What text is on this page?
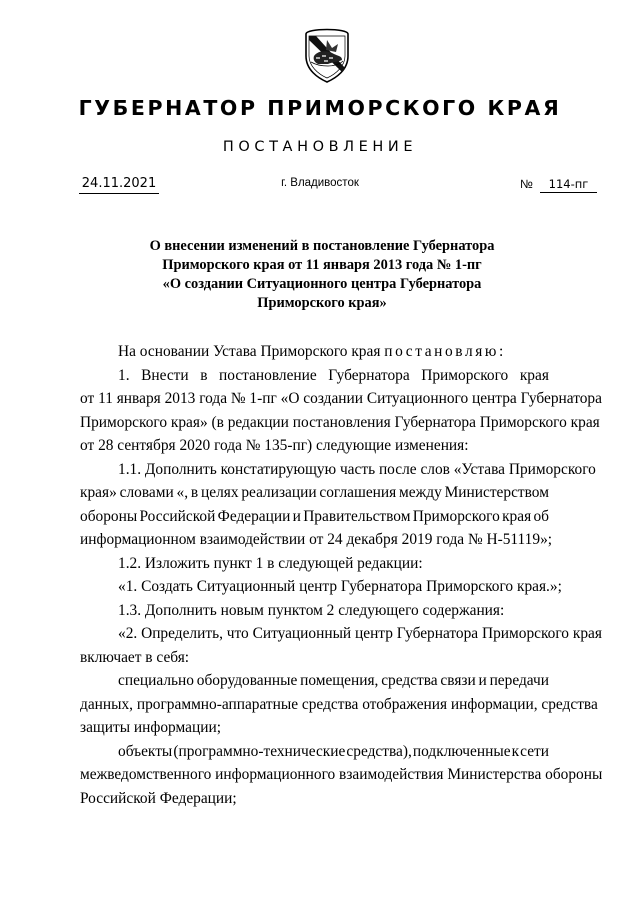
ГУБЕРНАТОР ПРИМОРСКОГО КРАЯ
ПОСТАНОВЛЕНИЕ
24.11.2021	г. Владивосток	№	114-пг
О внесении изменений в постановление Губернатора
Приморского края от 11 января 2013 года № 1-пг
«О создании Ситуационного центра Губернатора
Приморского края»

На основании Устава Приморского края постановляю:

1. Внести в постановление Губернатора Приморского края

от 11 января 2013 года № 1-пг «О создании Ситуационного центра Губернатора

Приморского края» (в редакции постановления Губернатора Приморского края

от 28 сентября 2020 года № 135-пг) следующие изменения:

1.1. Дополнить констатирующую часть после слов «Устава Приморского

края» словами «, в целях реализации соглашения между Министерством

обороны Российской Федерации и Правительством Приморского края об

информационном взаимодействии от 24 декабря 2019 года № Н-51119»;

1.2. Изложить пункт 1 в следующей редакции:

«1. Создать Ситуационный центр Губернатора Приморского края.»;

1.3. Дополнить новым пунктом 2 следующего содержания:

«2. Определить, что Ситуационный центр Губернатора Приморского края

включает в себя:

специально оборудованные помещения, средства связи и передачи

данных, программно-аппаратные средства отображения информации, средства

защиты информации;

объекты (программно-технические средства), подключенные к сети

межведомственного информационного взаимодействия Министерства обороны

Российской Федерации;
